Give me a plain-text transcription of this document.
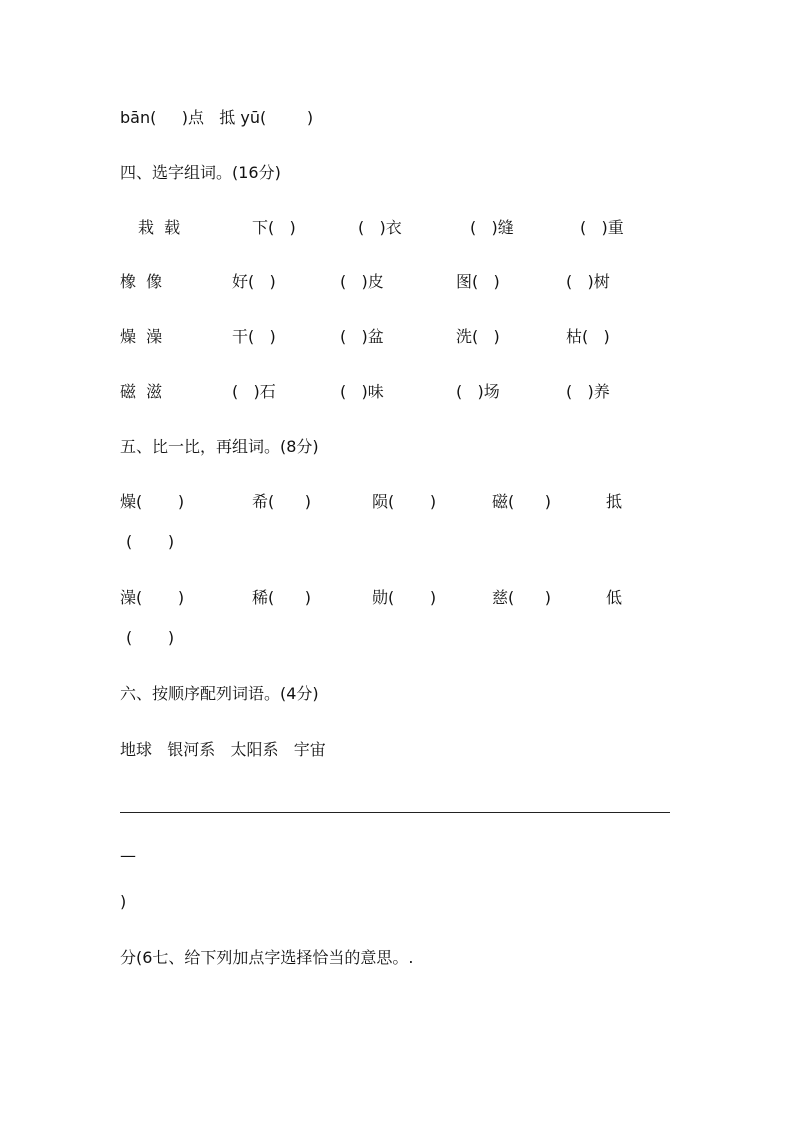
bān(     )点   抵 yū(        )
四、选字组词。(16分)
栽  载	下(   )	(   )衣	(   )缝	(   )重
橡  像	好(   )	(   )皮	图(   )	(   )树
燥  澡	干(   )	(   )盆	洗(   )	枯(   )
磁  滋	(   )石	(   )味	(   )场	(   )养
五、比一比，再组词。(8分)
燥(       )	希(      )	陨(       )	磁(      )	抵
(       )
澡(       )	稀(      )	勋(       )	慈(      )	低
(       )
六、按顺序配列词语。(4分)
地球   银河系   太阳系   宇宙
—
)
分(6七、给下列加点字选择恰当的意思。.
